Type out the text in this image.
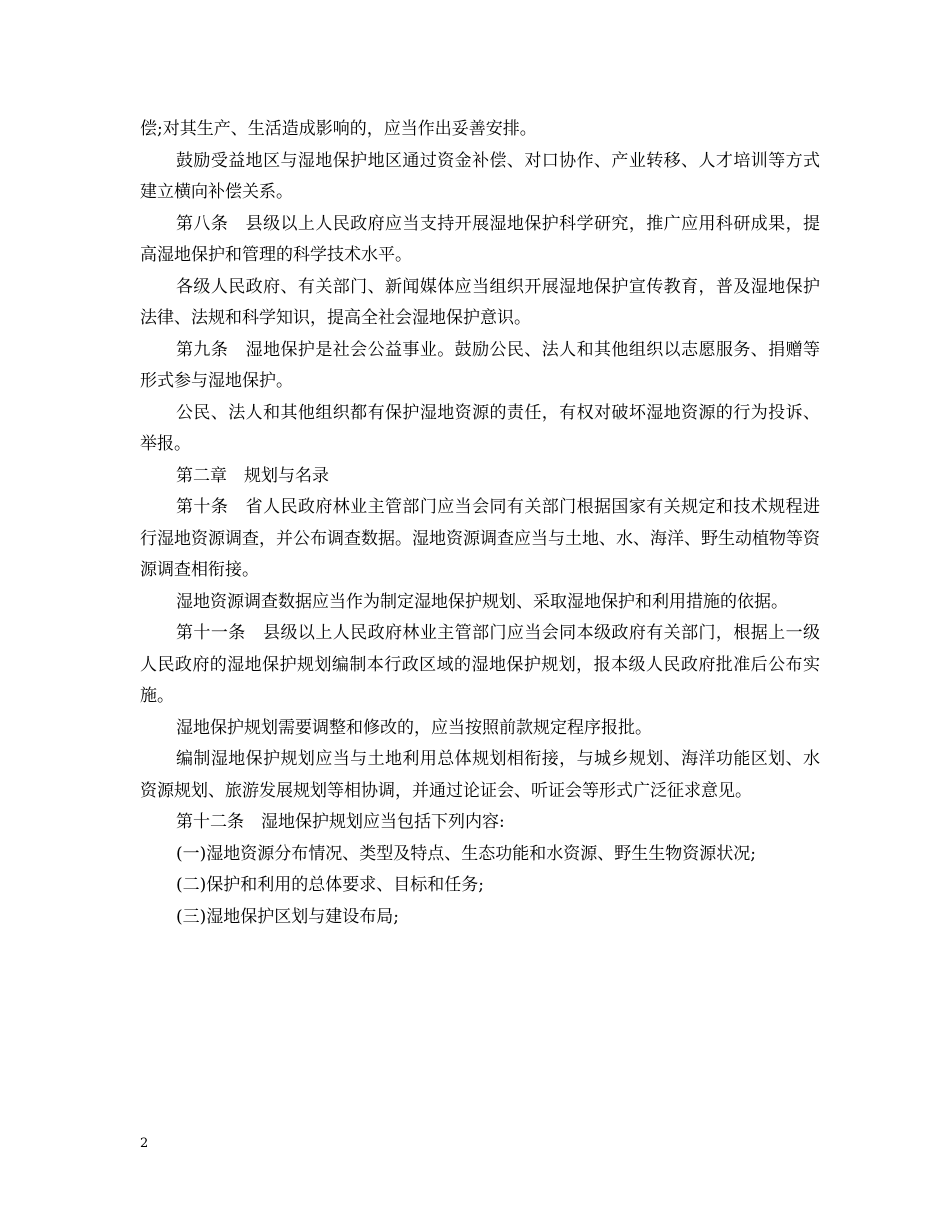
偿;对其生产、生活造成影响的，应当作出妥善安排。

鼓励受益地区与湿地保护地区通过资金补偿、对口协作、产业转移、人才培训等方式建立横向补偿关系。

第八条　县级以上人民政府应当支持开展湿地保护科学研究，推广应用科研成果，提高湿地保护和管理的科学技术水平。

各级人民政府、有关部门、新闻媒体应当组织开展湿地保护宣传教育，普及湿地保护法律、法规和科学知识，提高全社会湿地保护意识。

第九条　湿地保护是社会公益事业。鼓励公民、法人和其他组织以志愿服务、捐赠等形式参与湿地保护。

公民、法人和其他组织都有保护湿地资源的责任，有权对破坏湿地资源的行为投诉、举报。

第二章　规划与名录

第十条　省人民政府林业主管部门应当会同有关部门根据国家有关规定和技术规程进行湿地资源调查，并公布调查数据。湿地资源调查应当与土地、水、海洋、野生动植物等资源调查相衔接。

湿地资源调查数据应当作为制定湿地保护规划、采取湿地保护和利用措施的依据。

第十一条　县级以上人民政府林业主管部门应当会同本级政府有关部门，根据上一级人民政府的湿地保护规划编制本行政区域的湿地保护规划，报本级人民政府批准后公布实施。

湿地保护规划需要调整和修改的，应当按照前款规定程序报批。

编制湿地保护规划应当与土地利用总体规划相衔接，与城乡规划、海洋功能区划、水资源规划、旅游发展规划等相协调，并通过论证会、听证会等形式广泛征求意见。

第十二条　湿地保护规划应当包括下列内容:

(一)湿地资源分布情况、类型及特点、生态功能和水资源、野生生物资源状况;

(二)保护和利用的总体要求、目标和任务;

(三)湿地保护区划与建设布局;

2
